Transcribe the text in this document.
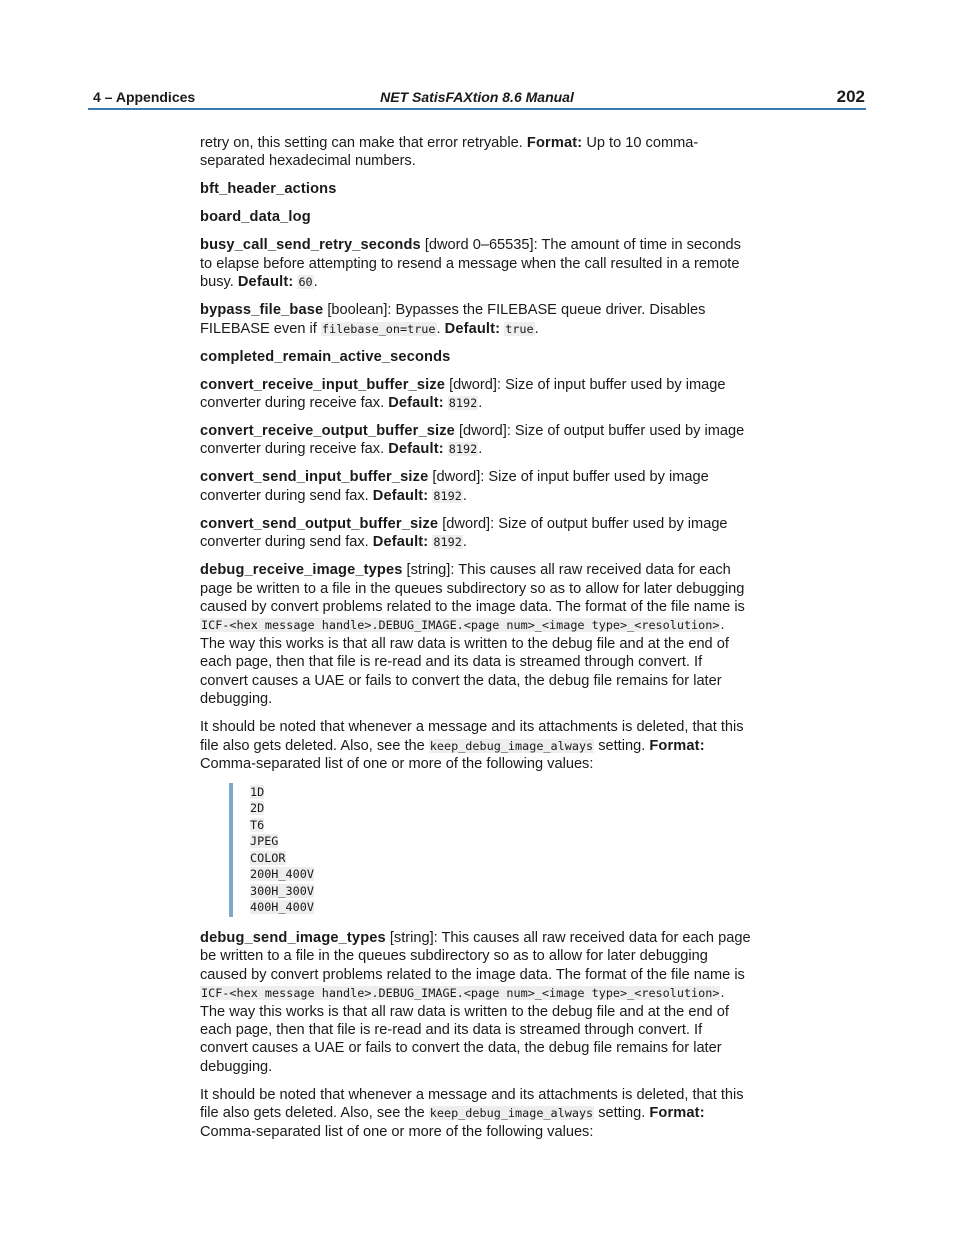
4 – Appendices	NET SatisFAXtion 8.6 Manual	202

retry on, this setting can make that error retryable. Format: Up to 10 comma-separated hexadecimal numbers.

bft_header_actions

board_data_log

busy_call_send_retry_seconds [dword 0–65535]: The amount of time in seconds to elapse before attempting to resend a message when the call resulted in a remote busy. Default: 60.

bypass_file_base [boolean]: Bypasses the FILEBASE queue driver. Disables FILEBASE even if filebase_on=true. Default: true.

completed_remain_active_seconds

convert_receive_input_buffer_size [dword]: Size of input buffer used by image converter during receive fax. Default: 8192.

convert_receive_output_buffer_size [dword]: Size of output buffer used by image converter during receive fax. Default: 8192.

convert_send_input_buffer_size [dword]: Size of input buffer used by image converter during send fax. Default: 8192.

convert_send_output_buffer_size [dword]: Size of output buffer used by image converter during send fax. Default: 8192.

debug_receive_image_types [string]: This causes all raw received data for each page be written to a file in the queues subdirectory so as to allow for later debugging caused by convert problems related to the image data. The format of the file name is ICF-<hex message handle>.DEBUG_IMAGE.<page num>_<image type>_<resolution>. The way this works is that all raw data is written to the debug file and at the end of each page, then that file is re-read and its data is streamed through convert. If convert causes a UAE or fails to convert the data, the debug file remains for later debugging.

It should be noted that whenever a message and its attachments is deleted, that this file also gets deleted. Also, see the keep_debug_image_always setting. Format: Comma-separated list of one or more of the following values:

1D
2D
T6
JPEG
COLOR
200H_400V
300H_300V
400H_400V

debug_send_image_types [string]: This causes all raw received data for each page be written to a file in the queues subdirectory so as to allow for later debugging caused by convert problems related to the image data. The format of the file name is ICF-<hex message handle>.DEBUG_IMAGE.<page num>_<image type>_<resolution>. The way this works is that all raw data is written to the debug file and at the end of each page, then that file is re-read and its data is streamed through convert. If convert causes a UAE or fails to convert the data, the debug file remains for later debugging.

It should be noted that whenever a message and its attachments is deleted, that this file also gets deleted. Also, see the keep_debug_image_always setting. Format: Comma-separated list of one or more of the following values:
